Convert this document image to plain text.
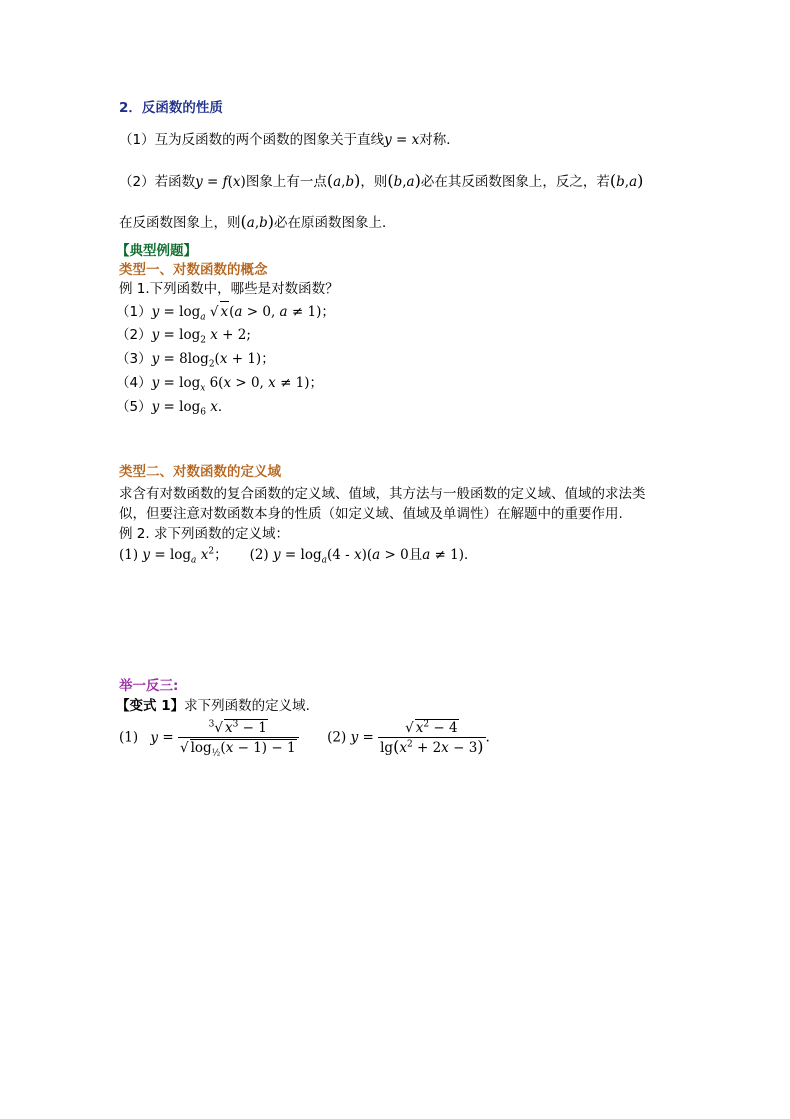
2．反函数的性质
（1）互为反函数的两个函数的图象关于直线y = x对称．
（2）若函数y = f(x)图象上有一点(a,b)，则(b,a)必在其反函数图象上，反之，若(b,a)
在反函数图象上，则(a,b)必在原函数图象上．
【典型例题】
类型一、对数函数的概念
例 1.下列函数中，哪些是对数函数？
$(1)y = \log_a$ √ x(a > 0, a ≠ 1)；
$(2)y = \log_2 x + 2$;
$(3)y = 8\log_2(x + 1)$；
$(4)y = \log_x 6(x > 0$, x ≠ 1)；
$(5)y = \log_6 x$．
类型二、对数函数的定义域
求含有对数函数的复合函数的定义域、值域，其方法与一般函数的定义域、值域的求法类
似，但要注意对数函数本身的性质（如定义域、值域及单调性）在解题中的重要作用.
例 2. 求下列函数的定义域：
(1) $y = \log_a x^2$； (2) $y = \log_a(4 - x)(a > 0$且a ≠ 1)．
举一反三:
【变式 1】求下列函数的定义域.
(1) $y = \frac{^3√ x^3 - 1}{√ \log_{\frac{1}{2}}(x - 1) - 1} (2) y = \frac{√ x^2 - 4}{\lg(x^2 + 2x - 3)}$ .
